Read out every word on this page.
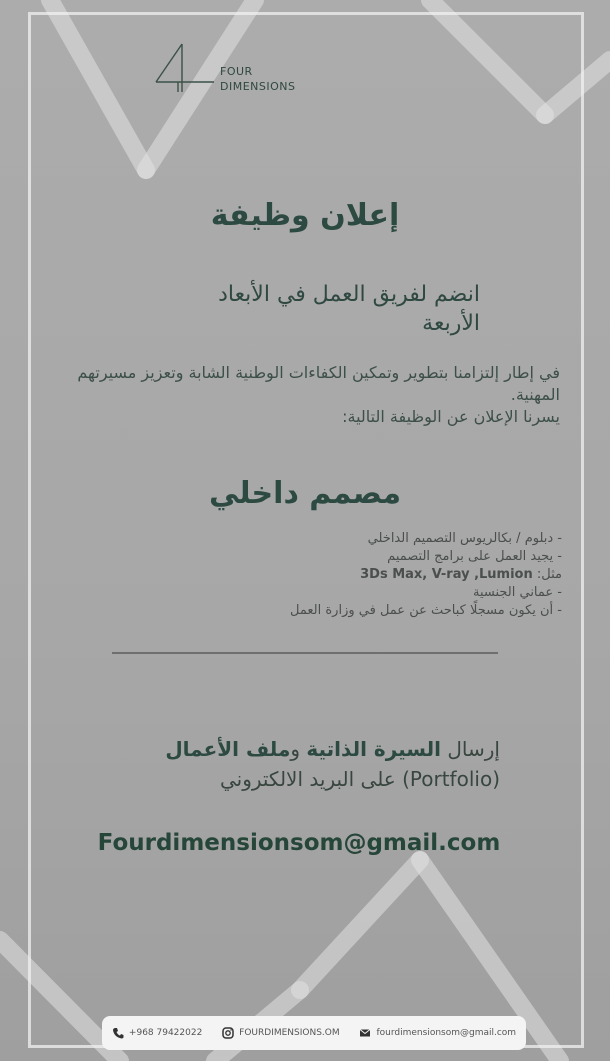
FOUR
DIMENSIONS
إعلان وظيفة
انضم لفريق العمل في الأبعاد الأربعة
في إطار إلتزامنا بتطوير وتمكين الكفاءات الوطنية الشابة وتعزيز مسيرتهم المهنية.
يسرنا الإعلان عن الوظيفة التالية:
مصمم داخلي
- دبلوم / بكالريوس التصميم الداخلي
- يجيد العمل على برامج التصميم
مثل: 3Ds Max, V-ray ,Lumion
- عماني الجنسية
- أن يكون مسجلًا كباحث عن عمل في وزارة العمل
إرسال السيرة الذاتية وملف الأعمال
(Portfolio) على البريد الالكتروني
Fourdimensionsom@gmail.com
+968 79422022	FOURDIMENSIONS.OM	fourdimensionsom@gmail.com
